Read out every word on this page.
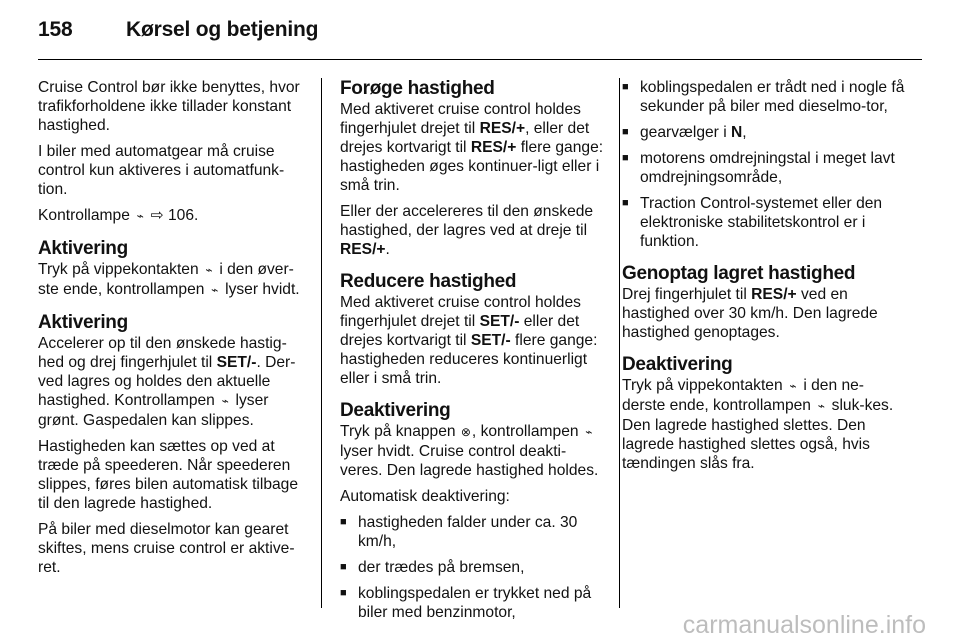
158	Kørsel og betjening

Cruise Control bør ikke benyttes, hvor trafikforholdene ikke tillader konstant hastighed.

I biler med automatgear må cruise control kun aktiveres i automatfunk-tion.

Kontrollampe ⌁ ⇨ 106.

Aktivering

Tryk på vippekontakten ⌁ i den øver-ste ende, kontrollampen ⌁ lyser hvidt.

Aktivering

Accelerer op til den ønskede hastig-hed og drej fingerhjulet til SET/-. Der-ved lagres og holdes den aktuelle hastighed. Kontrollampen ⌁ lyser grønt. Gaspedalen kan slippes.

Hastigheden kan sættes op ved at træde på speederen. Når speederen slippes, føres bilen automatisk tilbage til den lagrede hastighed.

På biler med dieselmotor kan gearet skiftes, mens cruise control er aktive-ret.

Forøge hastighed

Med aktiveret cruise control holdes fingerhjulet drejet til RES/+, eller det drejes kortvarigt til RES/+ flere gange: hastigheden øges kontinuer-ligt eller i små trin.

Eller der accelereres til den ønskede hastighed, der lagres ved at dreje til RES/+.

Reducere hastighed

Med aktiveret cruise control holdes fingerhjulet drejet til SET/- eller det drejes kortvarigt til SET/- flere gange: hastigheden reduceres kontinuerligt eller i små trin.

Deaktivering

Tryk på knappen ⊗, kontrollampen ⌁ lyser hvidt. Cruise control deakti-veres. Den lagrede hastighed holdes.

Automatisk deaktivering:

■ hastigheden falder under ca. 30 km/h,
■ der trædes på bremsen,
■ koblingspedalen er trykket ned på biler med benzinmotor,
■ koblingspedalen er trådt ned i nogle få sekunder på biler med dieselmo-tor,
■ gearvælger i N,
■ motorens omdrejningstal i meget lavt omdrejningsområde,
■ Traction Control-systemet eller den elektroniske stabilitetskontrol er i funktion.
Genoptag lagret hastighed

Drej fingerhjulet til RES/+ ved en hastighed over 30 km/h. Den lagrede hastighed genoptages.

Deaktivering

Tryk på vippekontakten ⌁ i den ne-derste ende, kontrollampen ⌁ sluk-kes. Den lagrede hastighed slettes. Den lagrede hastighed slettes også, hvis tændingen slås fra.

carmanualsonline.info
